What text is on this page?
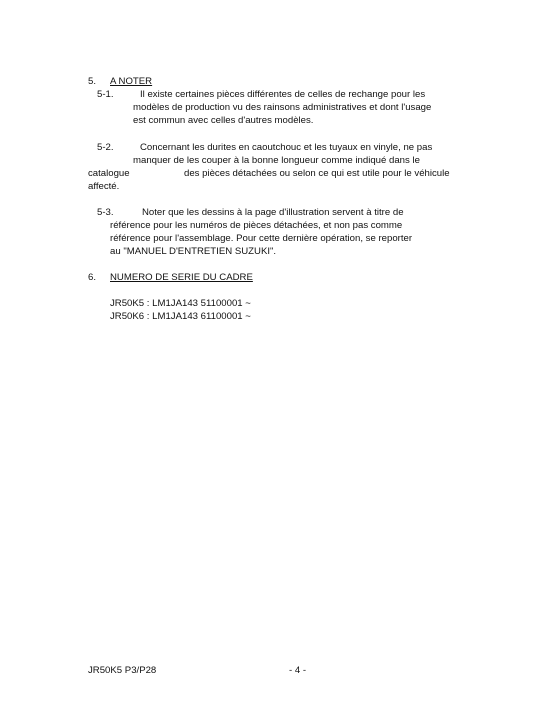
5. A NOTER
5-1.	Il existe certaines pièces différentes de celles de rechange pour les
modèles de production vu des rainsons administratives et dont l'usage
est commun avec celles d'autres modèles.
5-2.	Concernant les durites en caoutchouc et les tuyaux en vinyle, ne pas
manquer de les couper à la bonne longueur comme indiqué dans le
catalogue	des pièces détachées ou selon ce qui est utile pour le véhicule
affecté.
5-3.	Noter que les dessins à la page d'illustration servent à titre de
référence pour les numéros de pièces détachées, et non pas comme
référence pour l'assemblage. Pour cette dernière opération, se reporter
au "MANUEL D'ENTRETIEN SUZUKI".
6. NUMERO DE SERIE DU CADRE
JR50K5 : LM1JA143 51100001 ~
JR50K6 : LM1JA143 61100001 ~
JR50K5 P3/P28	- 4 -
